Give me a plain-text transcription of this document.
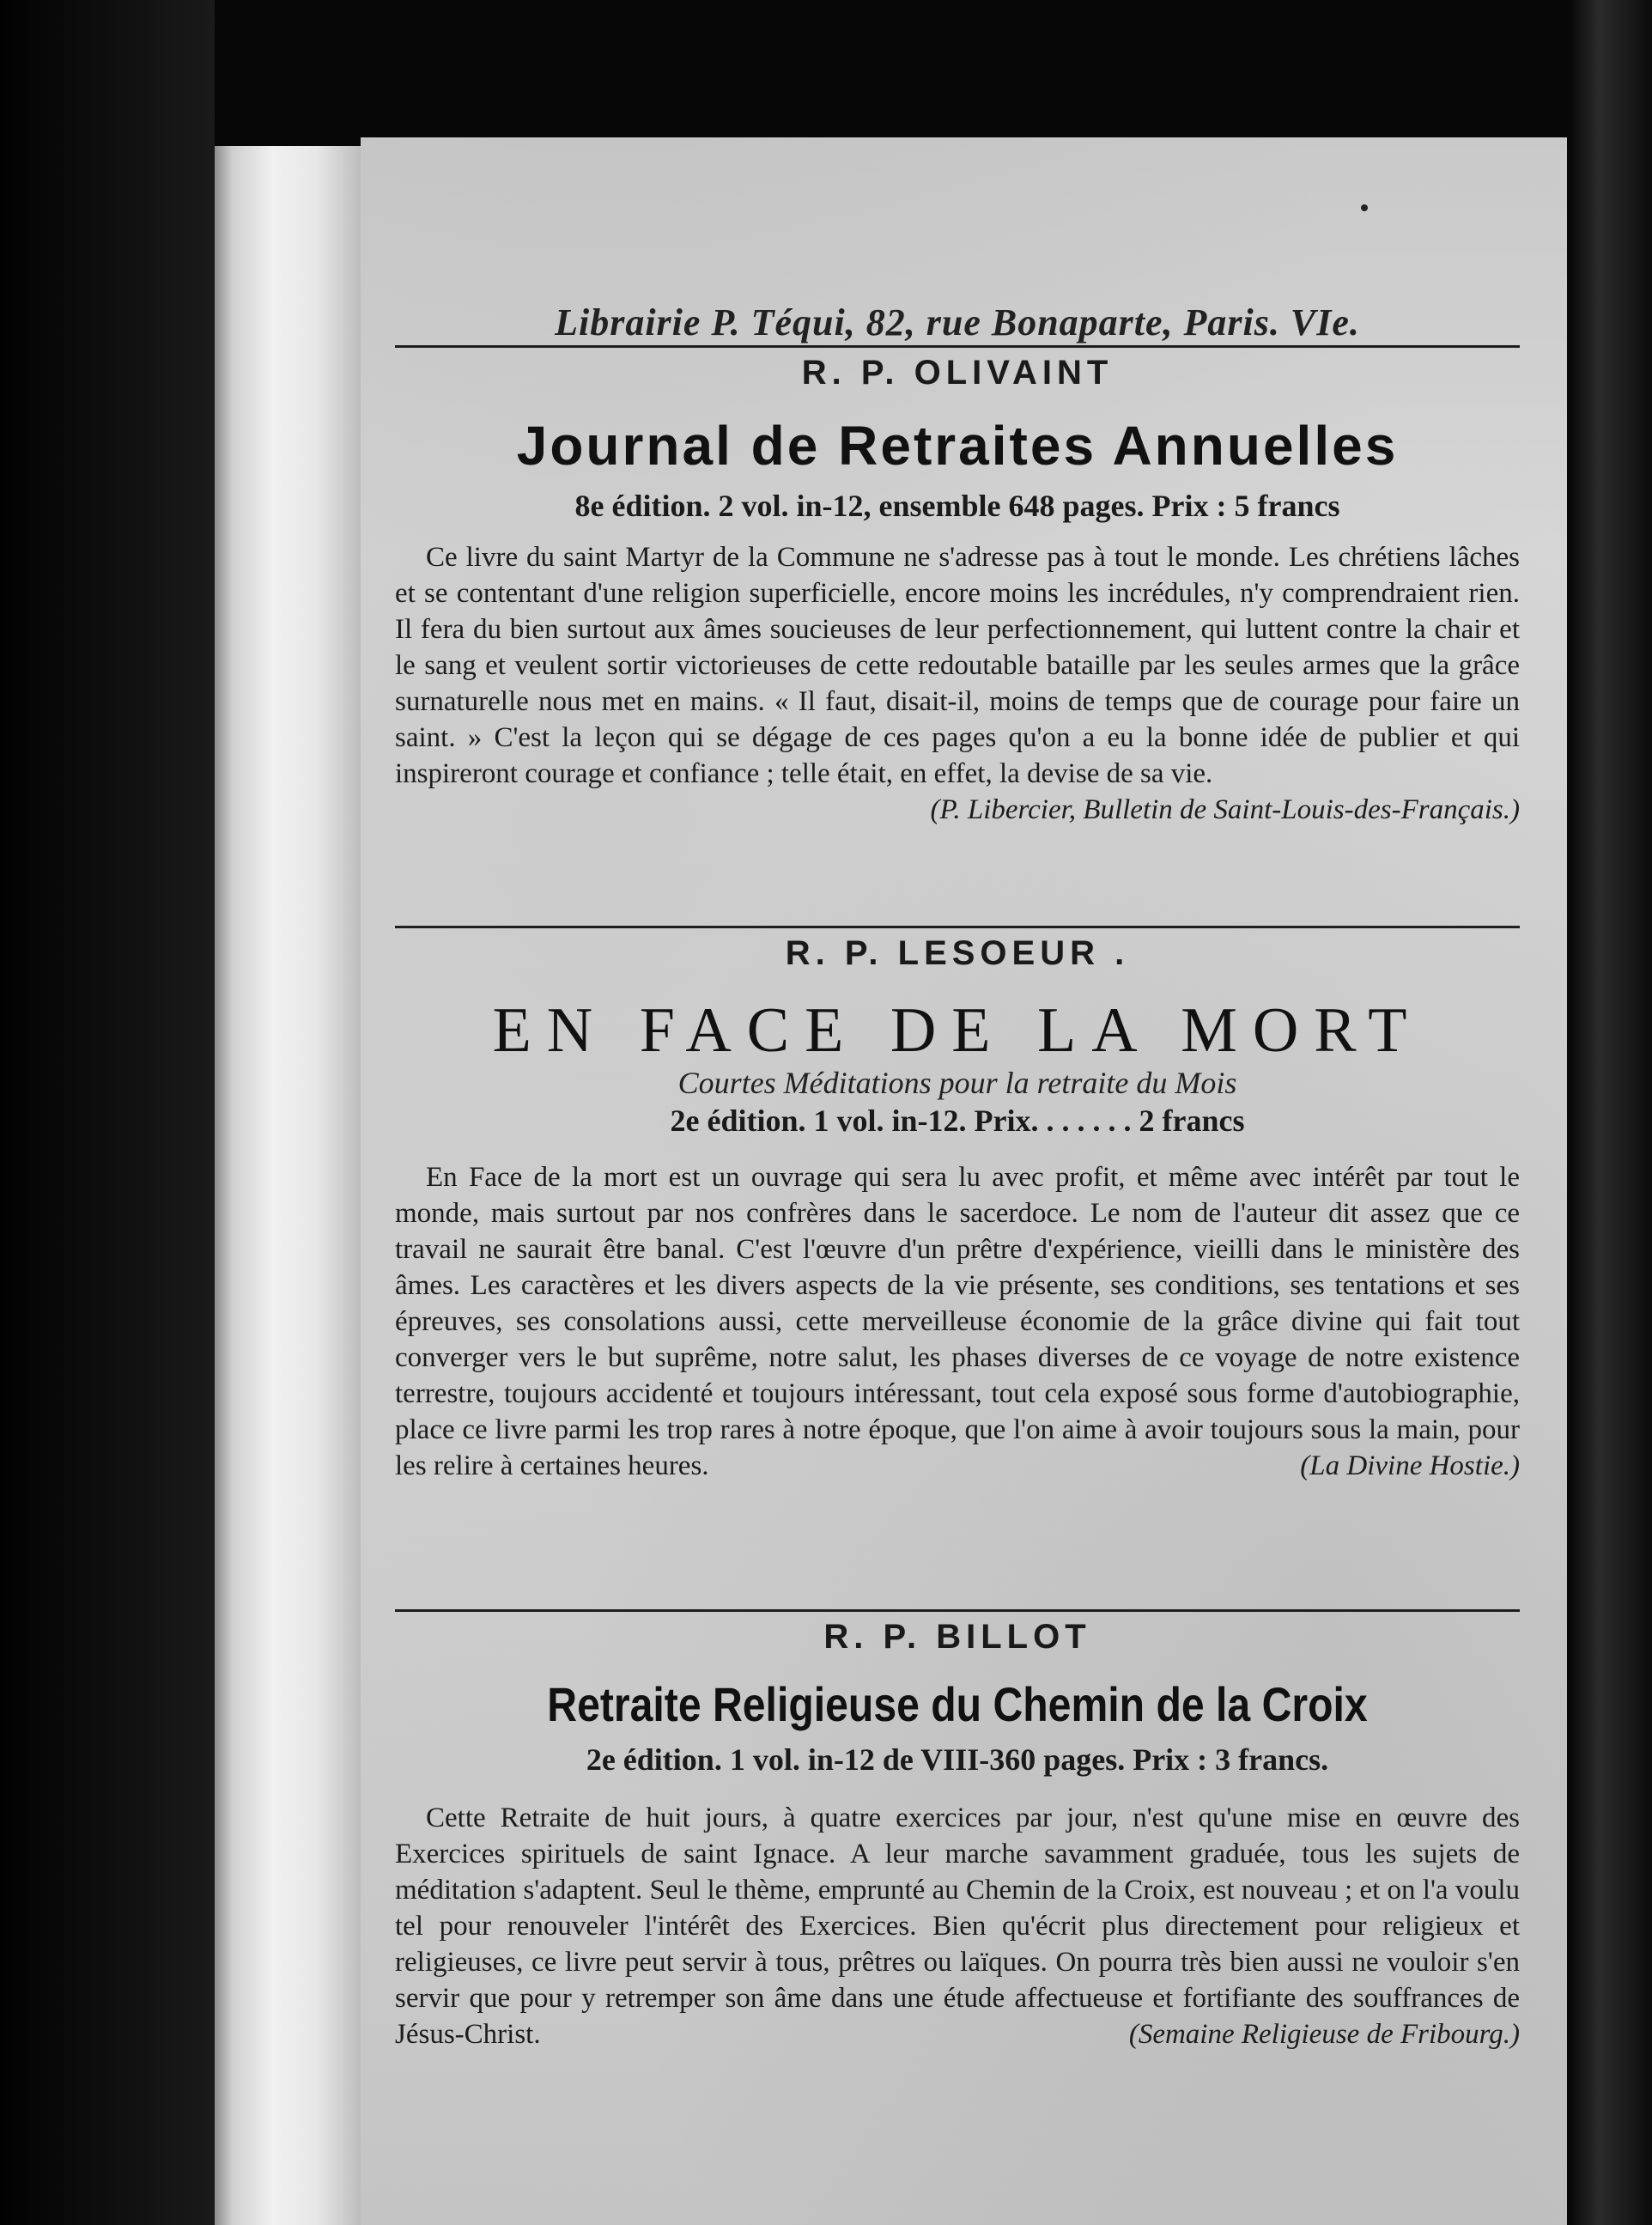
Librairie P. Téqui, 82, rue Bonaparte, Paris. VIe.
R. P. OLIVAINT
Journal de Retraites Annuelles
8e édition. 2 vol. in-12, ensemble 648 pages. Prix : 5 francs
Ce livre du saint Martyr de la Commune ne s'adresse pas à tout le monde. Les chrétiens lâches et se contentant d'une religion superficielle, encore moins les incrédules, n'y comprendraient rien. Il fera du bien surtout aux âmes soucieuses de leur perfectionnement, qui luttent contre la chair et le sang et veulent sortir victorieuses de cette redoutable bataille par les seules armes que la grâce surnaturelle nous met en mains. « Il faut, disait-il, moins de temps que de courage pour faire un saint. » C'est la leçon qui se dégage de ces pages qu'on a eu la bonne idée de publier et qui inspireront courage et confiance ; telle était, en effet, la devise de sa vie.
(P. Libercier, Bulletin de Saint-Louis-des-Français.)
R. P. LESOEUR .
EN FACE DE LA MORT
Courtes Méditations pour la retraite du Mois
2e édition. 1 vol. in-12. Prix. . . . . . . 2 francs
En Face de la mort est un ouvrage qui sera lu avec profit, et même avec intérêt par tout le monde, mais surtout par nos confrères dans le sacerdoce. Le nom de l'auteur dit assez que ce travail ne saurait être banal. C'est l'œuvre d'un prêtre d'expérience, vieilli dans le ministère des âmes. Les caractères et les divers aspects de la vie présente, ses conditions, ses tentations et ses épreuves, ses consolations aussi, cette merveilleuse économie de la grâce divine qui fait tout converger vers le but suprême, notre salut, les phases diverses de ce voyage de notre existence terrestre, toujours accidenté et toujours intéressant, tout cela exposé sous forme d'autobiographie, place ce livre parmi les trop rares à notre époque, que l'on aime à avoir toujours sous la main, pour les relire à certaines heures.	(La Divine Hostie.)
R. P. BILLOT
Retraite Religieuse du Chemin de la Croix
2e édition. 1 vol. in-12 de VIII-360 pages. Prix : 3 francs.
Cette Retraite de huit jours, à quatre exercices par jour, n'est qu'une mise en œuvre des Exercices spirituels de saint Ignace. A leur marche savamment graduée, tous les sujets de méditation s'adaptent. Seul le thème, emprunté au Chemin de la Croix, est nouveau ; et on l'a voulu tel pour renouveler l'intérêt des Exercices. Bien qu'écrit plus directement pour religieux et religieuses, ce livre peut servir à tous, prêtres ou laïques. On pourra très bien aussi ne vouloir s'en servir que pour y retremper son âme dans une étude affectueuse et fortifiante des souffrances de Jésus-Christ.	(Semaine Religieuse de Fribourg.)
